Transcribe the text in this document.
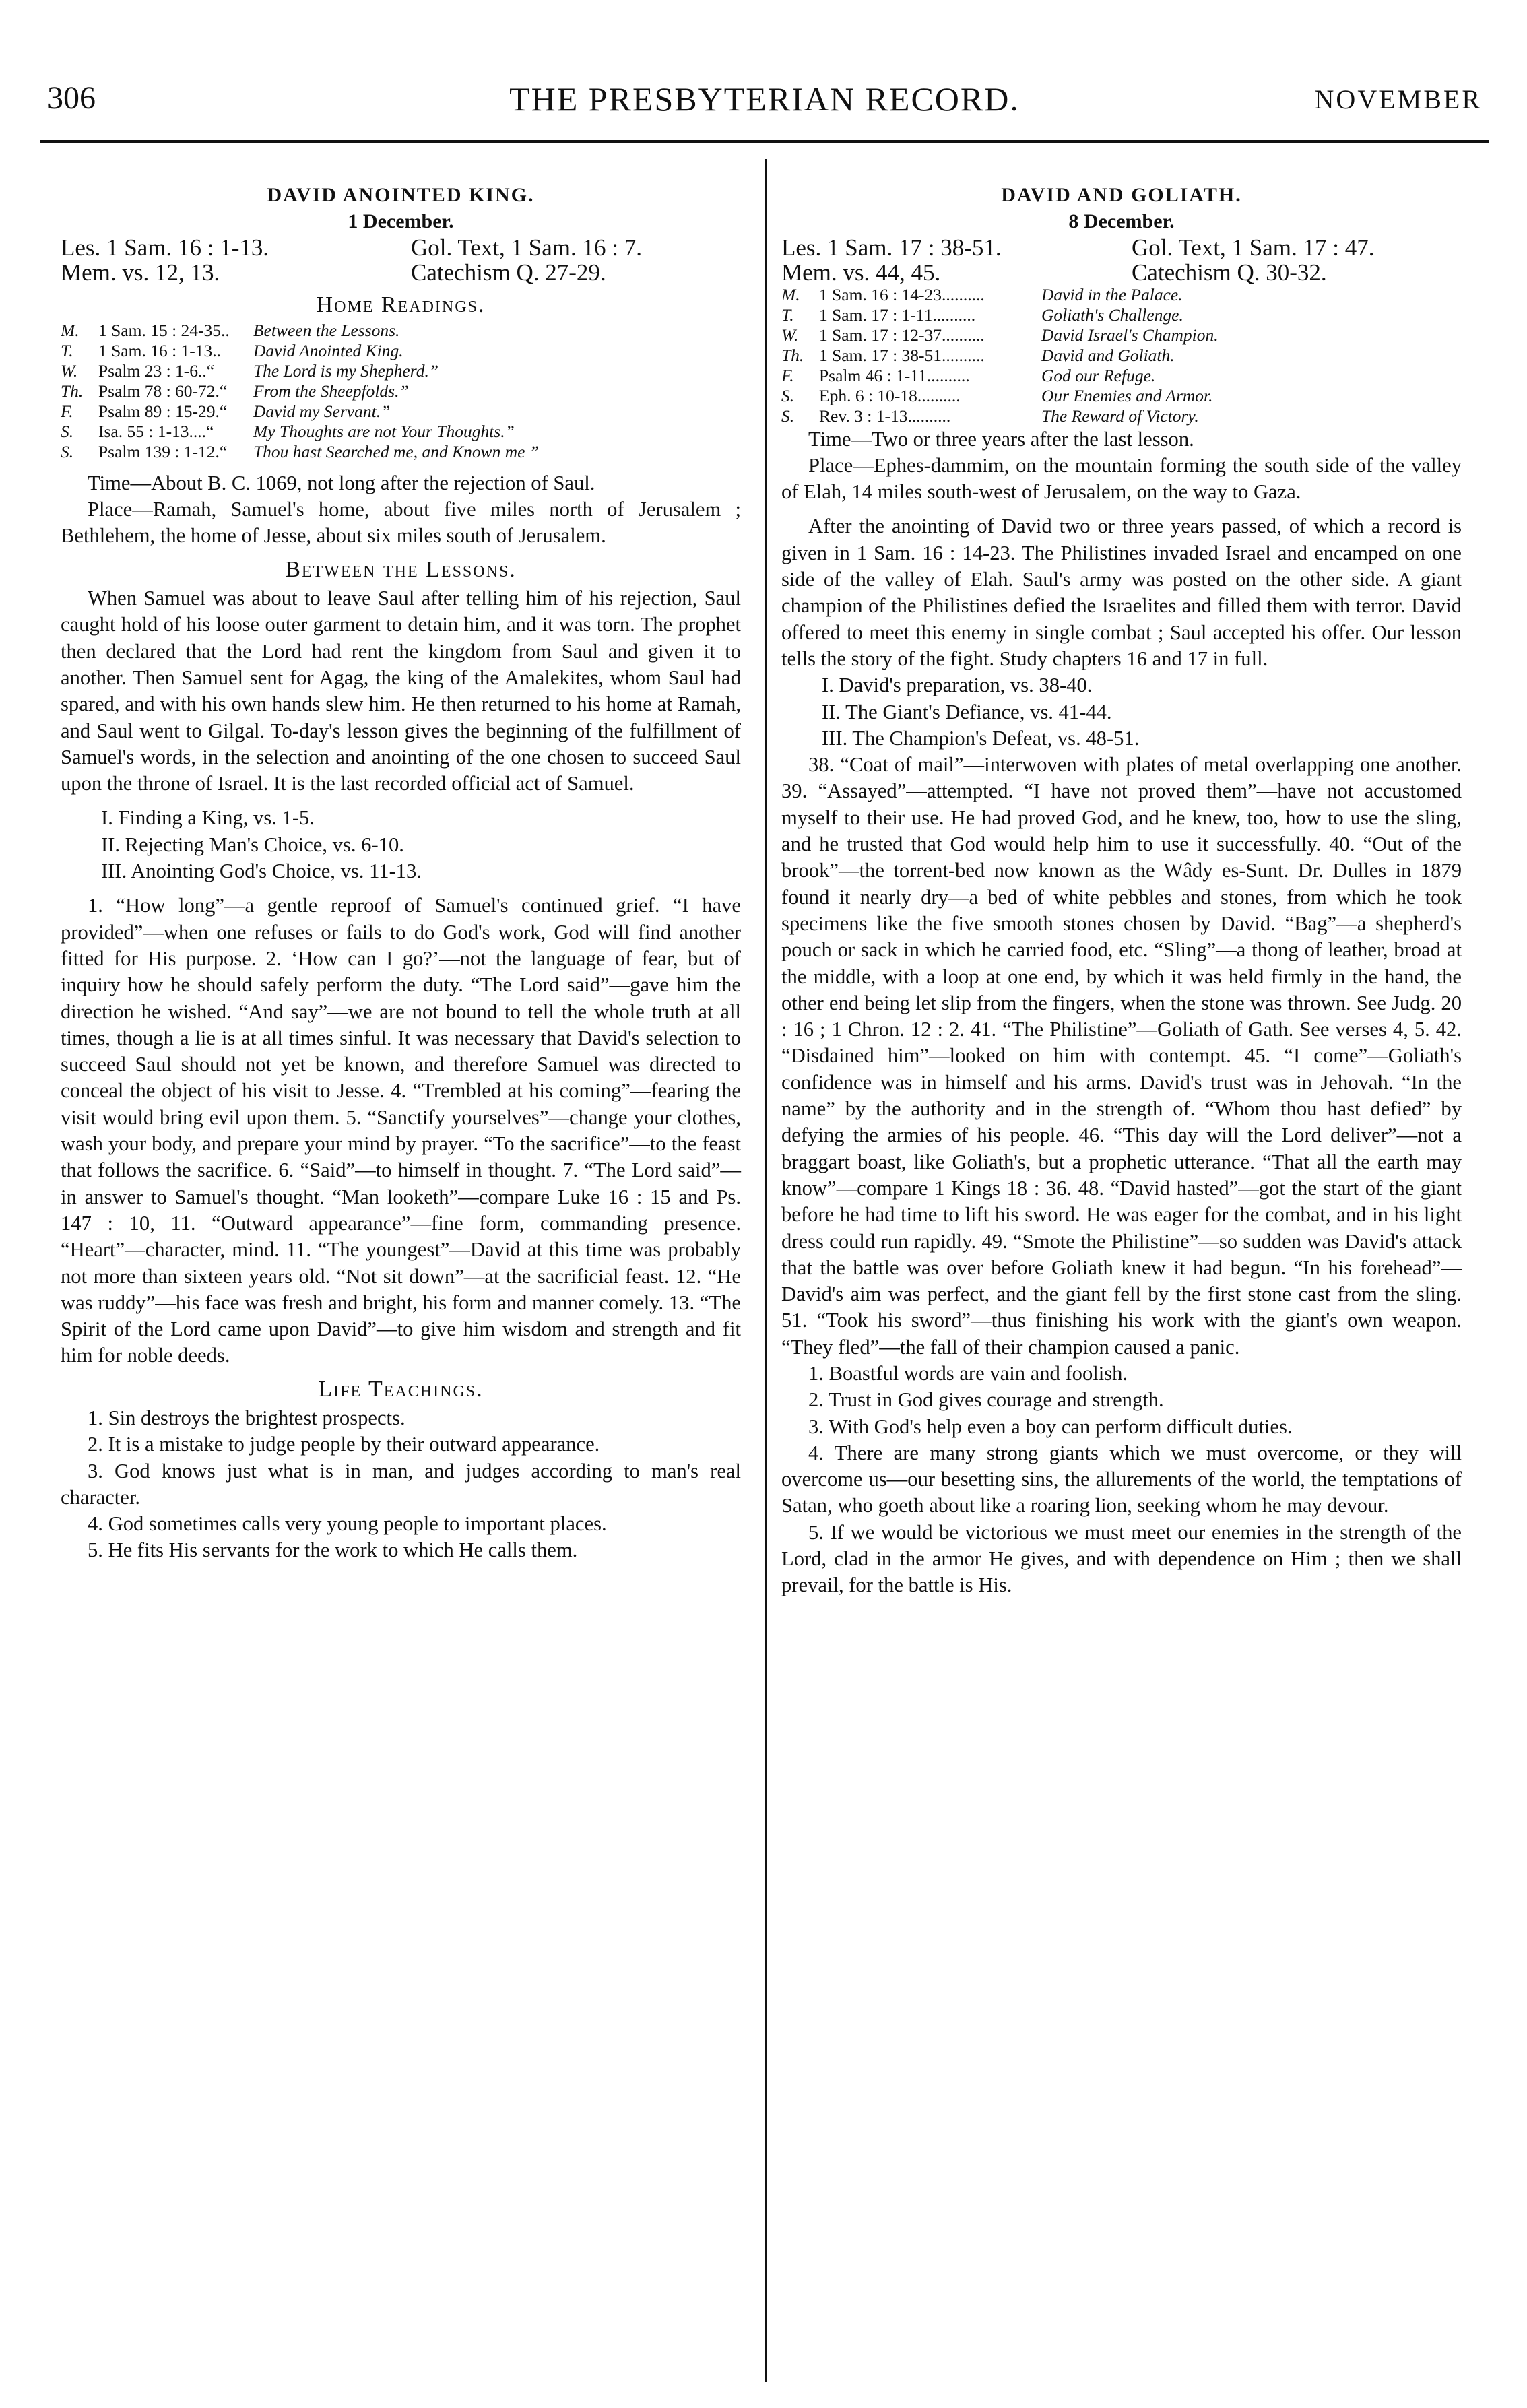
306	THE PRESBYTERIAN RECORD.	NOVEMBER
DAVID ANOINTED KING.
1 December.
Les. 1 Sam. 16 : 1-13.	Gol. Text, 1 Sam. 16 : 7.
Mem. vs. 12, 13.	Catechism Q. 27-29.
Home Readings.
M.	1 Sam. 15 : 24-35..	Between the Lessons.
T.	1 Sam. 16 : 1-13..	David Anointed King.
W.	Psalm 23 : 1-6..“	The Lord is my Shepherd.”
Th. Psalm 78 : 60-72.“	From the Sheepfolds.”
F.	Psalm 89 : 15-29.“	David my Servant.”
S.	Isa. 55 : 1-13....“	My Thoughts are not Your Thoughts.”
S.	Psalm 139 : 1-12.“	Thou hast Searched me, and Known me ”

Time—About B. C. 1069, not long after the rejection of Saul.

Place—Ramah, Samuel's home, about five miles north of Jerusalem ; Bethlehem, the home of Jesse, about six miles south of Jerusalem.

Between the Lessons.

When Samuel was about to leave Saul after telling him of his rejection, Saul caught hold of his loose outer garment to detain him, and it was torn. The prophet then declared that the Lord had rent the kingdom from Saul and given it to another. Then Samuel sent for Agag, the king of the Amalekites, whom Saul had spared, and with his own hands slew him. He then returned to his home at Ramah, and Saul went to Gilgal. To-day's lesson gives the beginning of the fulfillment of Samuel's words, in the selection and anointing of the one chosen to succeed Saul upon the throne of Israel. It is the last recorded official act of Samuel.

I. Finding a King, vs. 1-5.
II. Rejecting Man's Choice, vs. 6-10.
III. Anointing God's Choice, vs. 11-13.

1. “How long”—a gentle reproof of Samuel's continued grief. “I have provided”—when one refuses or fails to do God's work, God will find another fitted for His purpose. 2. ‘How can I go?’—not the language of fear, but of inquiry how he should safely perform the duty. “The Lord said”—gave him the direction he wished. “And say”—we are not bound to tell the whole truth at all times, though a lie is at all times sinful. It was necessary that David's selection to succeed Saul should not yet be known, and therefore Samuel was directed to conceal the object of his visit to Jesse. 4. “Trembled at his coming”—fearing the visit would bring evil upon them. 5. “Sanctify yourselves”—change your clothes, wash your body, and prepare your mind by prayer. “To the sacrifice”—to the feast that follows the sacrifice. 6. “Said”—to himself in thought. 7. “The Lord said”—in answer to Samuel's thought. “Man looketh”—compare Luke 16 : 15 and Ps. 147 : 10, 11. “Outward appearance”—fine form, commanding presence. “Heart”—character, mind. 11. “The youngest”—David at this time was probably not more than sixteen years old. “Not sit down”—at the sacrificial feast. 12. “He was ruddy”—his face was fresh and bright, his form and manner comely. 13. “The Spirit of the Lord came upon David”—to give him wisdom and strength and fit him for noble deeds.

Life Teachings.

1. Sin destroys the brightest prospects.

2. It is a mistake to judge people by their outward appearance.

3. God knows just what is in man, and judges according to man's real character.

4. God sometimes calls very young people to important places.

5. He fits His servants for the work to which He calls them.

DAVID AND GOLIATH.
8 December.
Les. 1 Sam. 17 : 38-51.	Gol. Text, 1 Sam. 17 : 47.
Mem. vs. 44, 45.	Catechism Q. 30-32.
M.	1 Sam. 16 : 14-23..........	David in the Palace.
T.	1 Sam. 17 : 1-11..........	Goliath's Challenge.
W.	1 Sam. 17 : 12-37..........	David Israel's Champion.
Th. 1 Sam. 17 : 38-51..........	David and Goliath.
F.	Psalm 46 : 1-11..........	God our Refuge.
S.	Eph. 6 : 10-18..........	Our Enemies and Armor.
S.	Rev. 3 : 1-13..........	The Reward of Victory.

Time—Two or three years after the last lesson.

Place—Ephes-dammim, on the mountain forming the south side of the valley of Elah, 14 miles south-west of Jerusalem, on the way to Gaza.

After the anointing of David two or three years passed, of which a record is given in 1 Sam. 16 : 14-23. The Philistines invaded Israel and encamped on one side of the valley of Elah. Saul's army was posted on the other side. A giant champion of the Philistines defied the Israelites and filled them with terror. David offered to meet this enemy in single combat ; Saul accepted his offer. Our lesson tells the story of the fight. Study chapters 16 and 17 in full.

I. David's preparation, vs. 38-40.
II. The Giant's Defiance, vs. 41-44.
III. The Champion's Defeat, vs. 48-51.

38. “Coat of mail”—interwoven with plates of metal overlapping one another. 39. “Assayed”—attempted. “I have not proved them”—have not accustomed myself to their use. He had proved God, and he knew, too, how to use the sling, and he trusted that God would help him to use it successfully. 40. “Out of the brook”—the torrent-bed now known as the Wâdy es-Sunt. Dr. Dulles in 1879 found it nearly dry—a bed of white pebbles and stones, from which he took specimens like the five smooth stones chosen by David. “Bag”—a shepherd's pouch or sack in which he carried food, etc. “Sling”—a thong of leather, broad at the middle, with a loop at one end, by which it was held firmly in the hand, the other end being let slip from the fingers, when the stone was thrown. See Judg. 20 : 16 ; 1 Chron. 12 : 2. 41. “The Philistine”—Goliath of Gath. See verses 4, 5. 42. “Disdained him”—looked on him with contempt. 45. “I come”—Goliath's confidence was in himself and his arms. David's trust was in Jehovah. “In the name” by the authority and in the strength of. “Whom thou hast defied” by defying the armies of his people. 46. “This day will the Lord deliver”—not a braggart boast, like Goliath's, but a prophetic utterance. “That all the earth may know”—compare 1 Kings 18 : 36. 48. “David hasted”—got the start of the giant before he had time to lift his sword. He was eager for the combat, and in his light dress could run rapidly. 49. “Smote the Philistine”—so sudden was David's attack that the battle was over before Goliath knew it had begun. “In his forehead”—David's aim was perfect, and the giant fell by the first stone cast from the sling. 51. “Took his sword”—thus finishing his work with the giant's own weapon. “They fled”—the fall of their champion caused a panic.

1. Boastful words are vain and foolish.

2. Trust in God gives courage and strength.

3. With God's help even a boy can perform difficult duties.

4. There are many strong giants which we must overcome, or they will overcome us—our besetting sins, the allurements of the world, the temptations of Satan, who goeth about like a roaring lion, seeking whom he may devour.

5. If we would be victorious we must meet our enemies in the strength of the Lord, clad in the armor He gives, and with dependence on Him ; then we shall prevail, for the battle is His.
